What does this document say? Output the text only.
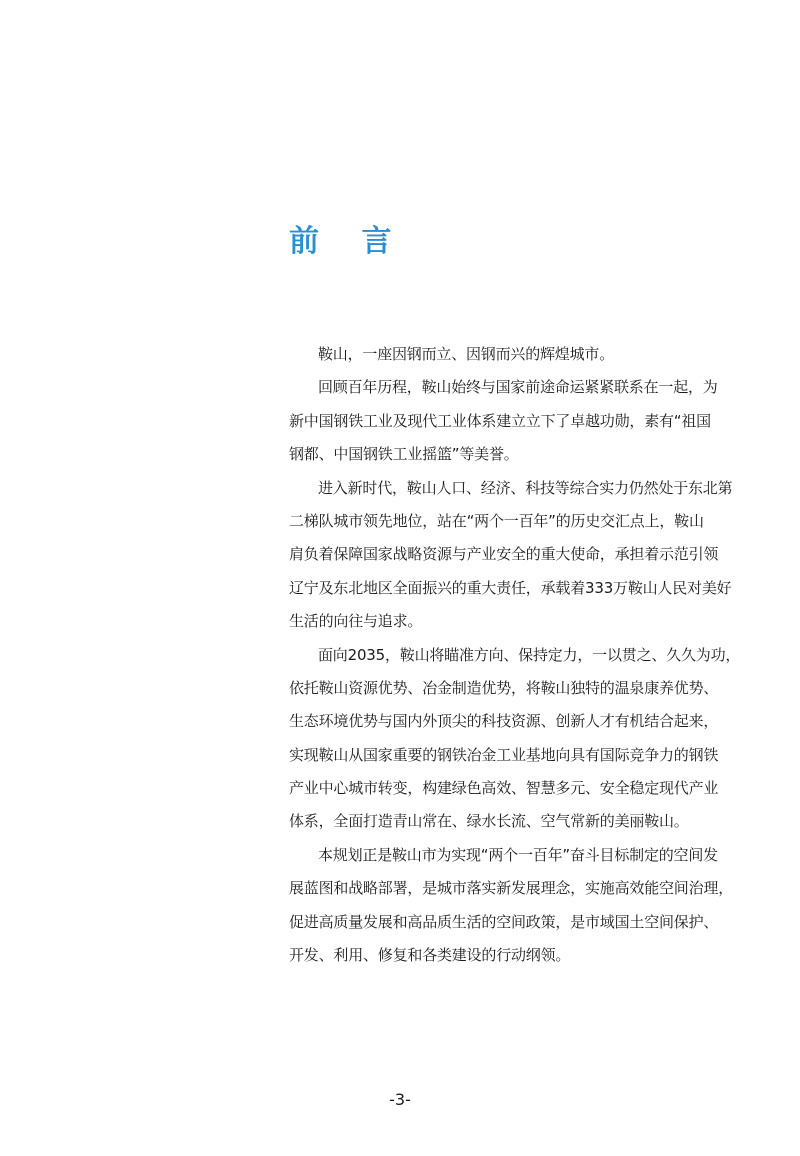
前 言
鞍山，一座因钢而立、因钢而兴的辉煌城市。
回顾百年历程，鞍山始终与国家前途命运紧紧联系在一起，为
新中国钢铁工业及现代工业体系建立立下了卓越功勋，素有“祖国
钢都、中国钢铁工业摇篮”等美誉。
进入新时代，鞍山人口、经济、科技等综合实力仍然处于东北第
二梯队城市领先地位，站在“两个一百年”的历史交汇点上，鞍山
肩负着保障国家战略资源与产业安全的重大使命，承担着示范引领
辽宁及东北地区全面振兴的重大责任，承载着333万鞍山人民对美好
生活的向往与追求。
面向2035，鞍山将瞄准方向、保持定力，一以贯之、久久为功，
依托鞍山资源优势、冶金制造优势，将鞍山独特的温泉康养优势、
生态环境优势与国内外顶尖的科技资源、创新人才有机结合起来，
实现鞍山从国家重要的钢铁冶金工业基地向具有国际竞争力的钢铁
产业中心城市转变，构建绿色高效、智慧多元、安全稳定现代产业
体系，全面打造青山常在、绿水长流、空气常新的美丽鞍山。
本规划正是鞍山市为实现“两个一百年”奋斗目标制定的空间发
展蓝图和战略部署，是城市落实新发展理念，实施高效能空间治理，
促进高质量发展和高品质生活的空间政策，是市域国土空间保护、
开发、利用、修复和各类建设的行动纲领。
-3-
